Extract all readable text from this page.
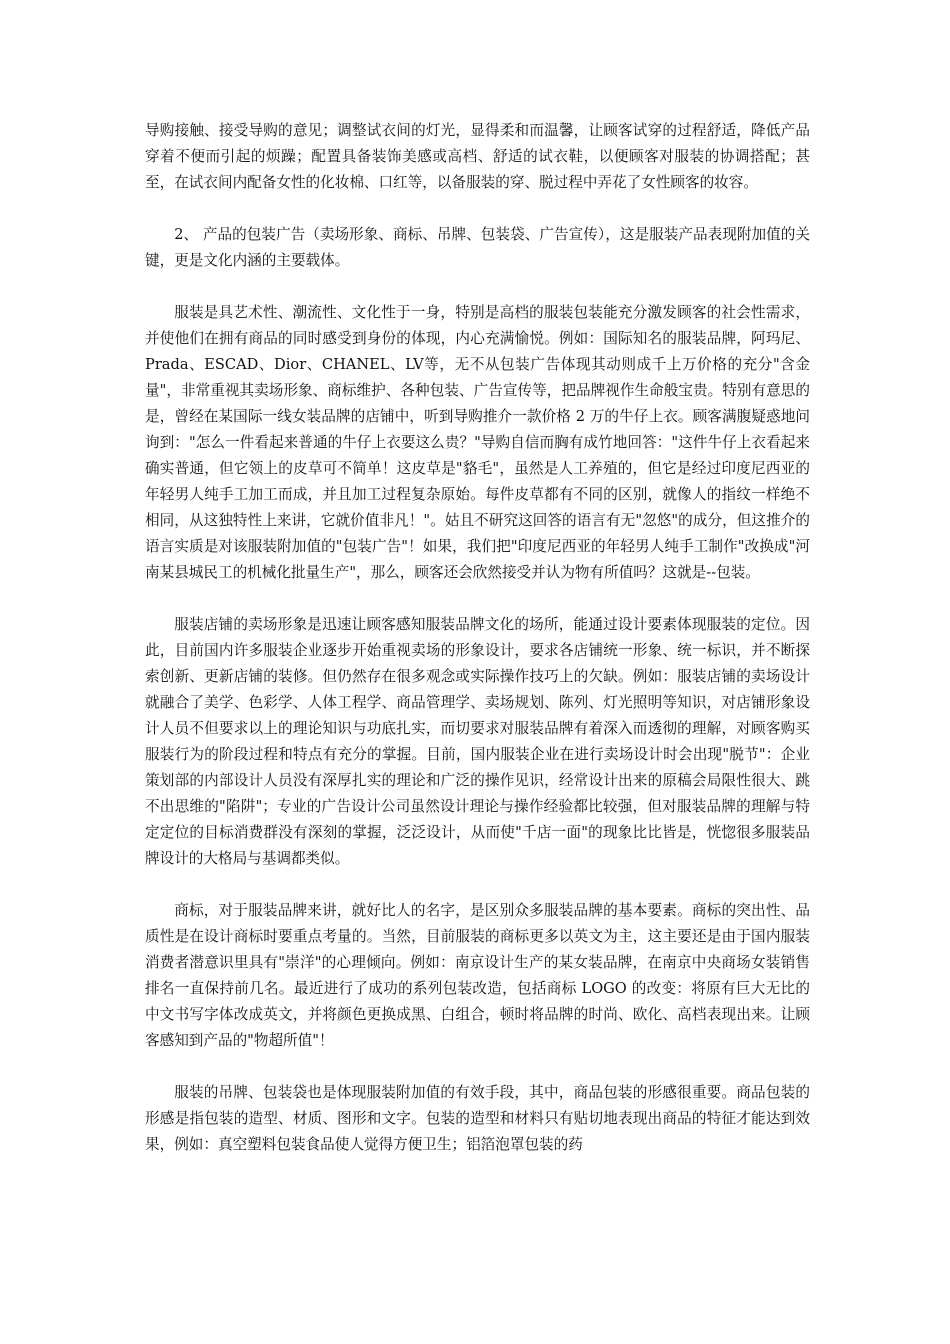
导购接触、接受导购的意见；调整试衣间的灯光，显得柔和而温馨，让顾客试穿的过程舒适，降低产品穿着不便而引起的烦躁；配置具备装饰美感或高档、舒适的试衣鞋，以便顾客对服装的协调搭配；甚至，在试衣间内配备女性的化妆棉、口红等，以备服装的穿、脱过程中弄花了女性顾客的妆容。

2、 产品的包装广告（卖场形象、商标、吊牌、包装袋、广告宣传），这是服装产品表现附加值的关键，更是文化内涵的主要载体。

服装是具艺术性、潮流性、文化性于一身，特别是高档的服装包装能充分激发顾客的社会性需求，并使他们在拥有商品的同时感受到身份的体现，内心充满愉悦。例如：国际知名的服装品牌，阿玛尼、Prada、ESCAD、Dior、CHANEL、LV等，无不从包装广告体现其动则成千上万价格的充分"含金量"，非常重视其卖场形象、商标维护、各种包装、广告宣传等，把品牌视作生命般宝贵。特别有意思的是，曾经在某国际一线女装品牌的店铺中，听到导购推介一款价格 2 万的牛仔上衣。顾客满腹疑惑地问询到："怎么一件看起来普通的牛仔上衣要这么贵？"导购自信而胸有成竹地回答："这件牛仔上衣看起来确实普通，但它领上的皮草可不简单！这皮草是"貉毛"，虽然是人工养殖的，但它是经过印度尼西亚的年轻男人纯手工加工而成，并且加工过程复杂原始。每件皮草都有不同的区别，就像人的指纹一样绝不相同，从这独特性上来讲，它就价值非凡！"。姑且不研究这回答的语言有无"忽悠"的成分，但这推介的语言实质是对该服装附加值的"包装广告"！如果，我们把"印度尼西亚的年轻男人纯手工制作"改换成"河南某县城民工的机械化批量生产"，那么，顾客还会欣然接受并认为物有所值吗？这就是--包装。

服装店铺的卖场形象是迅速让顾客感知服装品牌文化的场所，能通过设计要素体现服装的定位。因此，目前国内许多服装企业逐步开始重视卖场的形象设计，要求各店铺统一形象、统一标识，并不断探索创新、更新店铺的装修。但仍然存在很多观念或实际操作技巧上的欠缺。例如：服装店铺的卖场设计就融合了美学、色彩学、人体工程学、商品管理学、卖场规划、陈列、灯光照明等知识，对店铺形象设计人员不但要求以上的理论知识与功底扎实，而切要求对服装品牌有着深入而透彻的理解，对顾客购买服装行为的阶段过程和特点有充分的掌握。目前，国内服装企业在进行卖场设计时会出现"脱节"：企业策划部的内部设计人员没有深厚扎实的理论和广泛的操作见识，经常设计出来的原稿会局限性很大、跳不出思维的"陷阱"；专业的广告设计公司虽然设计理论与操作经验都比较强，但对服装品牌的理解与特定定位的目标消费群没有深刻的掌握，泛泛设计，从而使"千店一面"的现象比比皆是，恍惚很多服装品牌设计的大格局与基调都类似。

商标，对于服装品牌来讲，就好比人的名字，是区别众多服装品牌的基本要素。商标的突出性、品质性是在设计商标时要重点考量的。当然，目前服装的商标更多以英文为主，这主要还是由于国内服装消费者潜意识里具有"崇洋"的心理倾向。例如：南京设计生产的某女装品牌，在南京中央商场女装销售排名一直保持前几名。最近进行了成功的系列包装改造，包括商标 LOGO 的改变：将原有巨大无比的中文书写字体改成英文，并将颜色更换成黑、白组合，顿时将品牌的时尚、欧化、高档表现出来。让顾客感知到产品的"物超所值"！

服装的吊牌、包装袋也是体现服装附加值的有效手段，其中，商品包装的形感很重要。商品包装的形感是指包装的造型、材质、图形和文字。包装的造型和材料只有贴切地表现出商品的特征才能达到效果，例如：真空塑料包装食品使人觉得方便卫生；铝箔泡罩包装的药
